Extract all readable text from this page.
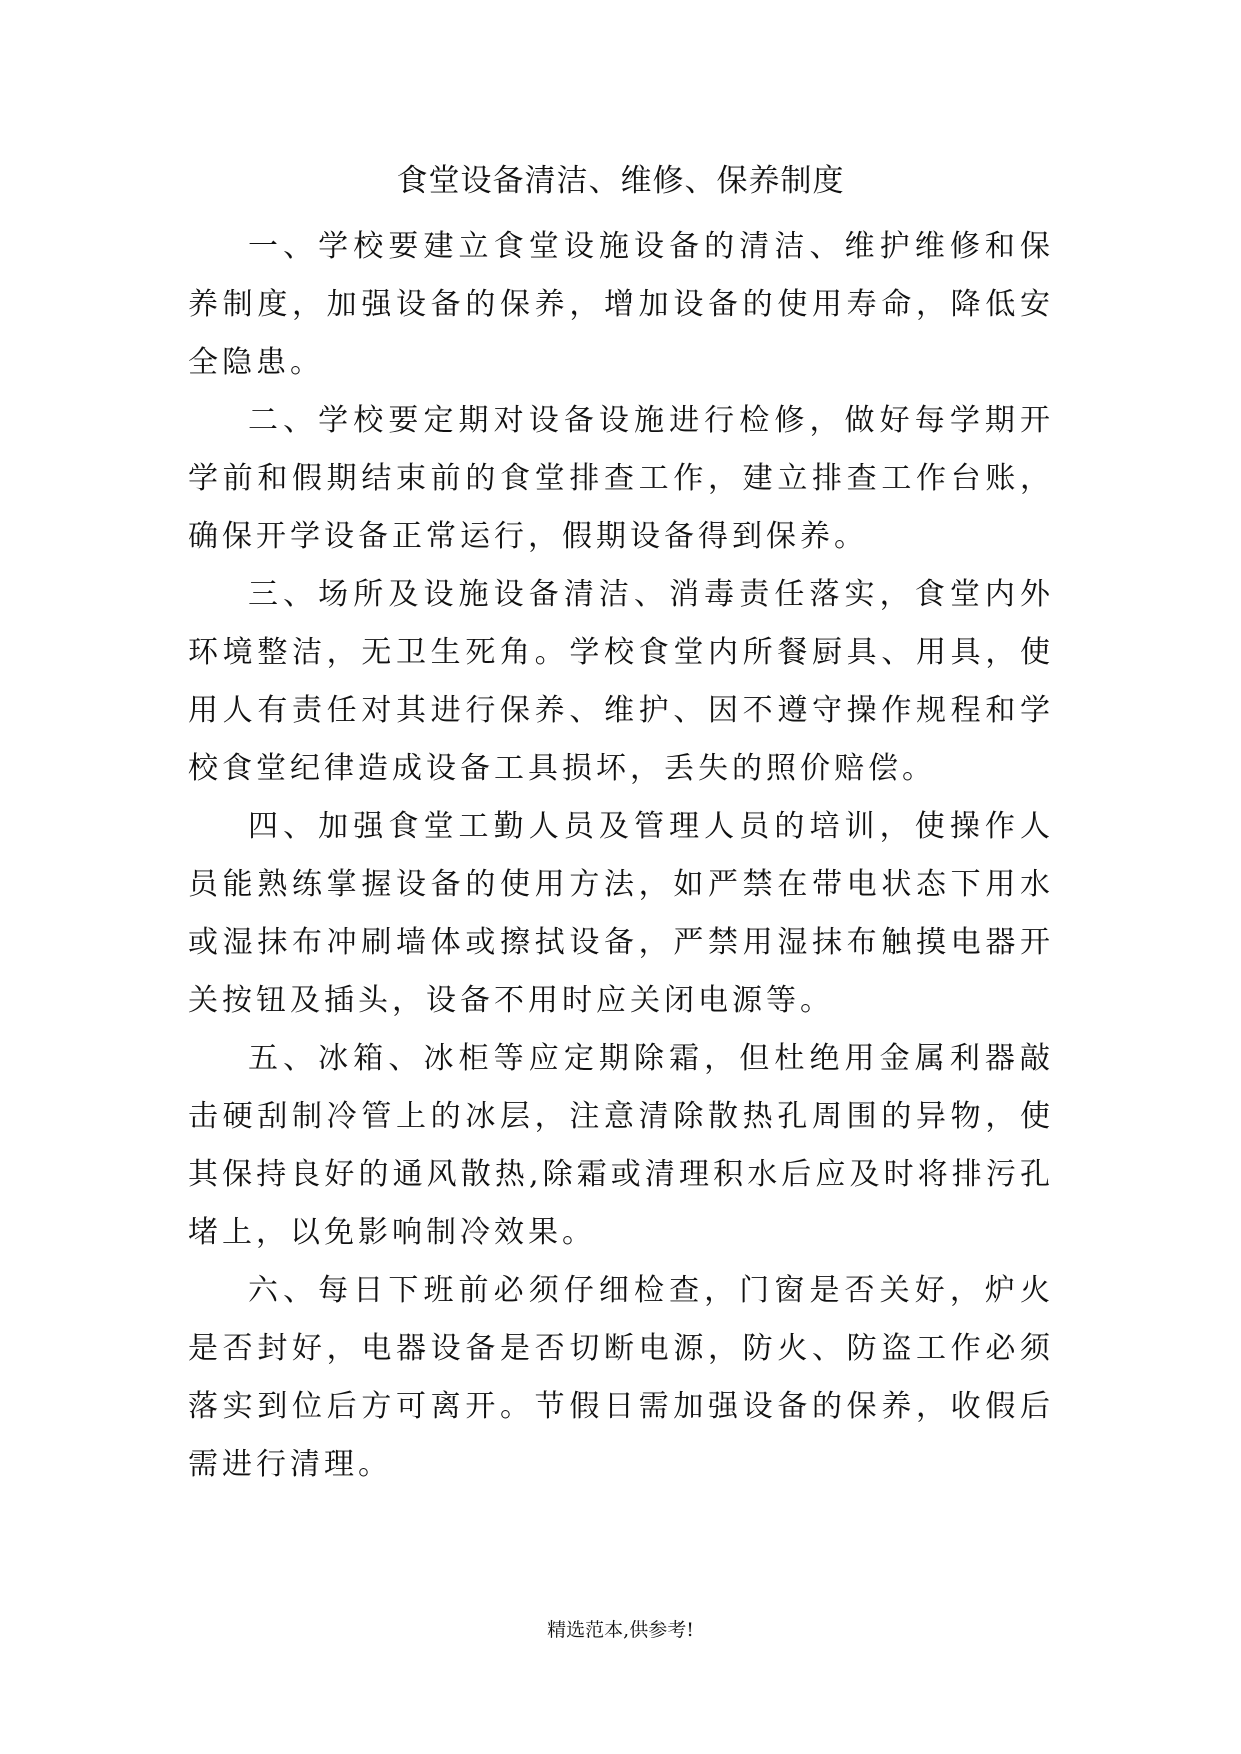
食堂设备清洁、维修、保养制度

一、学校要建立食堂设施设备的清洁、维护维修和保养制度，加强设备的保养，增加设备的使用寿命，降低安全隐患。

二、学校要定期对设备设施进行检修，做好每学期开学前和假期结束前的食堂排查工作，建立排查工作台账，确保开学设备正常运行，假期设备得到保养。

三、场所及设施设备清洁、消毒责任落实，食堂内外环境整洁，无卫生死角。学校食堂内所餐厨具、用具，使用人有责任对其进行保养、维护、因不遵守操作规程和学校食堂纪律造成设备工具损坏，丢失的照价赔偿。

四、加强食堂工勤人员及管理人员的培训，使操作人员能熟练掌握设备的使用方法，如严禁在带电状态下用水或湿抹布冲刷墙体或擦拭设备，严禁用湿抹布触摸电器开关按钮及插头，设备不用时应关闭电源等。

五、冰箱、冰柜等应定期除霜，但杜绝用金属利器敲击硬刮制冷管上的冰层，注意清除散热孔周围的异物，使其保持良好的通风散热,除霜或清理积水后应及时将排污孔堵上，以免影响制冷效果。

六、每日下班前必须仔细检查，门窗是否关好，炉火是否封好，电器设备是否切断电源，防火、防盗工作必须落实到位后方可离开。节假日需加强设备的保养，收假后需进行清理。

精选范本,供参考!
